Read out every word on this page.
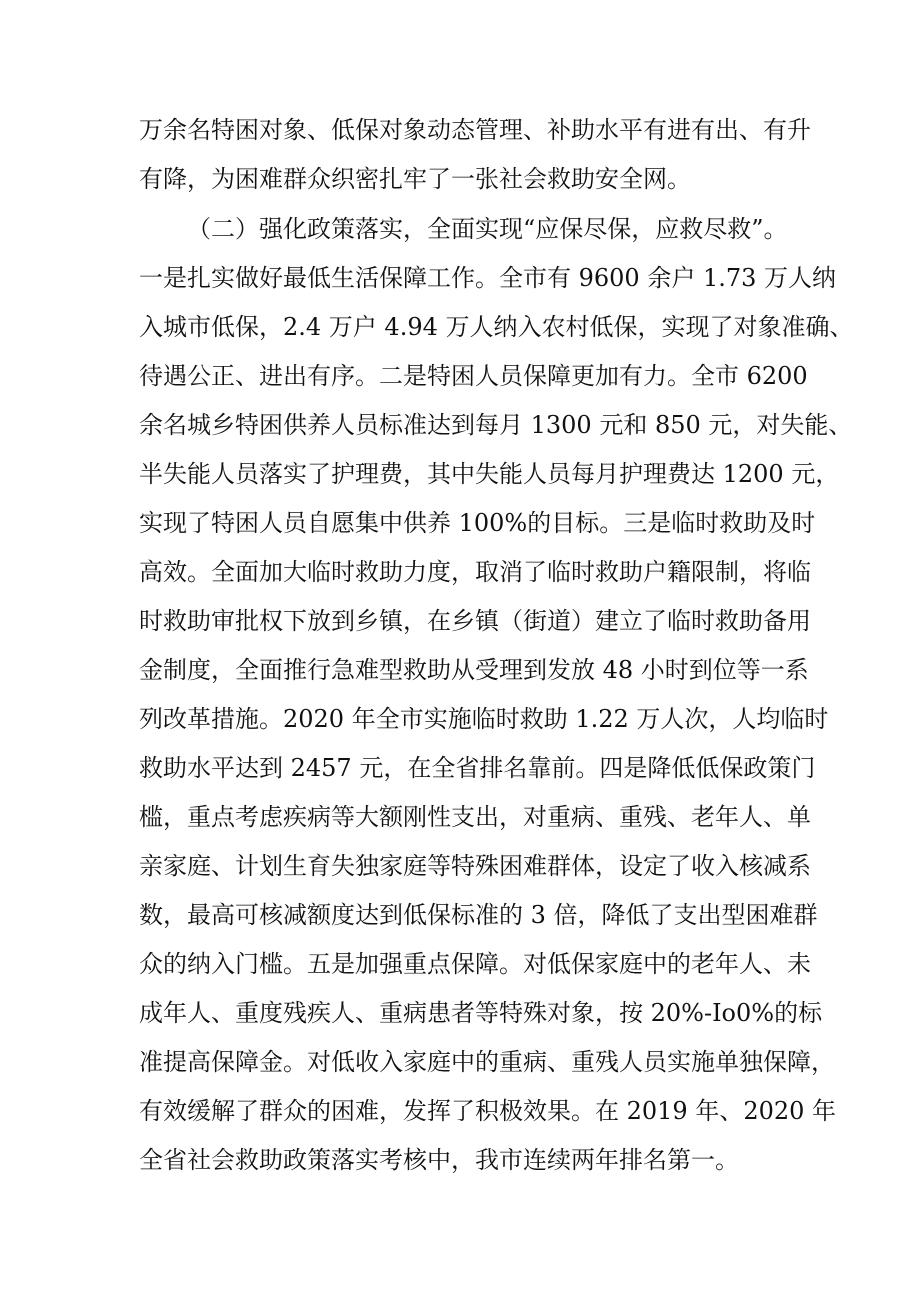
万余名特困对象、低保对象动态管理、补助水平有进有出、有升
有降，为困难群众织密扎牢了一张社会救助安全网。
（二）强化政策落实，全面实现“应保尽保，应救尽救”。
一是扎实做好最低生活保障工作。全市有 9600 余户 1.73 万人纳
入城市低保，2.4 万户 4.94 万人纳入农村低保，实现了对象准确、
待遇公正、进出有序。二是特困人员保障更加有力。全市 6200
余名城乡特困供养人员标准达到每月 1300 元和 850 元，对失能、
半失能人员落实了护理费，其中失能人员每月护理费达 1200 元，
实现了特困人员自愿集中供养 100%的目标。三是临时救助及时
高效。全面加大临时救助力度，取消了临时救助户籍限制，将临
时救助审批权下放到乡镇，在乡镇（街道）建立了临时救助备用
金制度，全面推行急难型救助从受理到发放 48 小时到位等一系
列改革措施。2020 年全市实施临时救助 1.22 万人次，人均临时
救助水平达到 2457 元，在全省排名靠前。四是降低低保政策门
槛，重点考虑疾病等大额刚性支出，对重病、重残、老年人、单
亲家庭、计划生育失独家庭等特殊困难群体，设定了收入核减系
数，最高可核减额度达到低保标准的 3 倍，降低了支出型困难群
众的纳入门槛。五是加强重点保障。对低保家庭中的老年人、未
成年人、重度残疾人、重病患者等特殊对象，按 20%-Io0%的标
准提高保障金。对低收入家庭中的重病、重残人员实施单独保障，
有效缓解了群众的困难，发挥了积极效果。在 2019 年、2020 年
全省社会救助政策落实考核中，我市连续两年排名第一。
